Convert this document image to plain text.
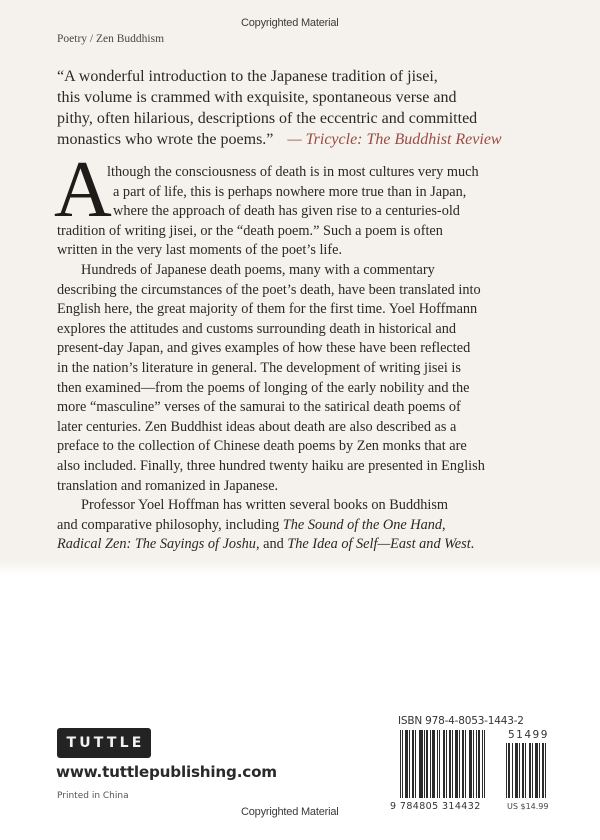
Copyrighted Material
Poetry / Zen Buddhism
“A wonderful introduction to the Japanese tradition of jisei,
this volume is crammed with exquisite, spontaneous verse and
pithy, often hilarious, descriptions of the eccentric and committed
monastics who wrote the poems.” — Tricycle: The Buddhist Review
A
lthough the consciousness of death is in most cultures very much
a part of life, this is perhaps nowhere more true than in Japan,
where the approach of death has given rise to a centuries-old
tradition of writing jisei, or the “death poem.” Such a poem is often
written in the very last moments of the poet’s life.
Hundreds of Japanese death poems, many with a commentary
describing the circumstances of the poet’s death, have been translated into
English here, the great majority of them for the first time. Yoel Hoffmann
explores the attitudes and customs surrounding death in historical and
present-day Japan, and gives examples of how these have been reflected
in the nation’s literature in general. The development of writing jisei is
then examined—from the poems of longing of the early nobility and the
more “masculine” verses of the samurai to the satirical death poems of
later centuries. Zen Buddhist ideas about death are also described as a
preface to the collection of Chinese death poems by Zen monks that are
also included. Finally, three hundred twenty haiku are presented in English
translation and romanized in Japanese.
Professor Yoel Hoffman has written several books on Buddhism
and comparative philosophy, including The Sound of the One Hand,
Radical Zen: The Sayings of Joshu, and The Idea of Self—East and West.
TUTTLE
www.tuttlepublishing.com
Printed in China
ISBN 978-4-8053-1443-2
51499
9 784805 314432	US $14.99
Copyrighted Material
